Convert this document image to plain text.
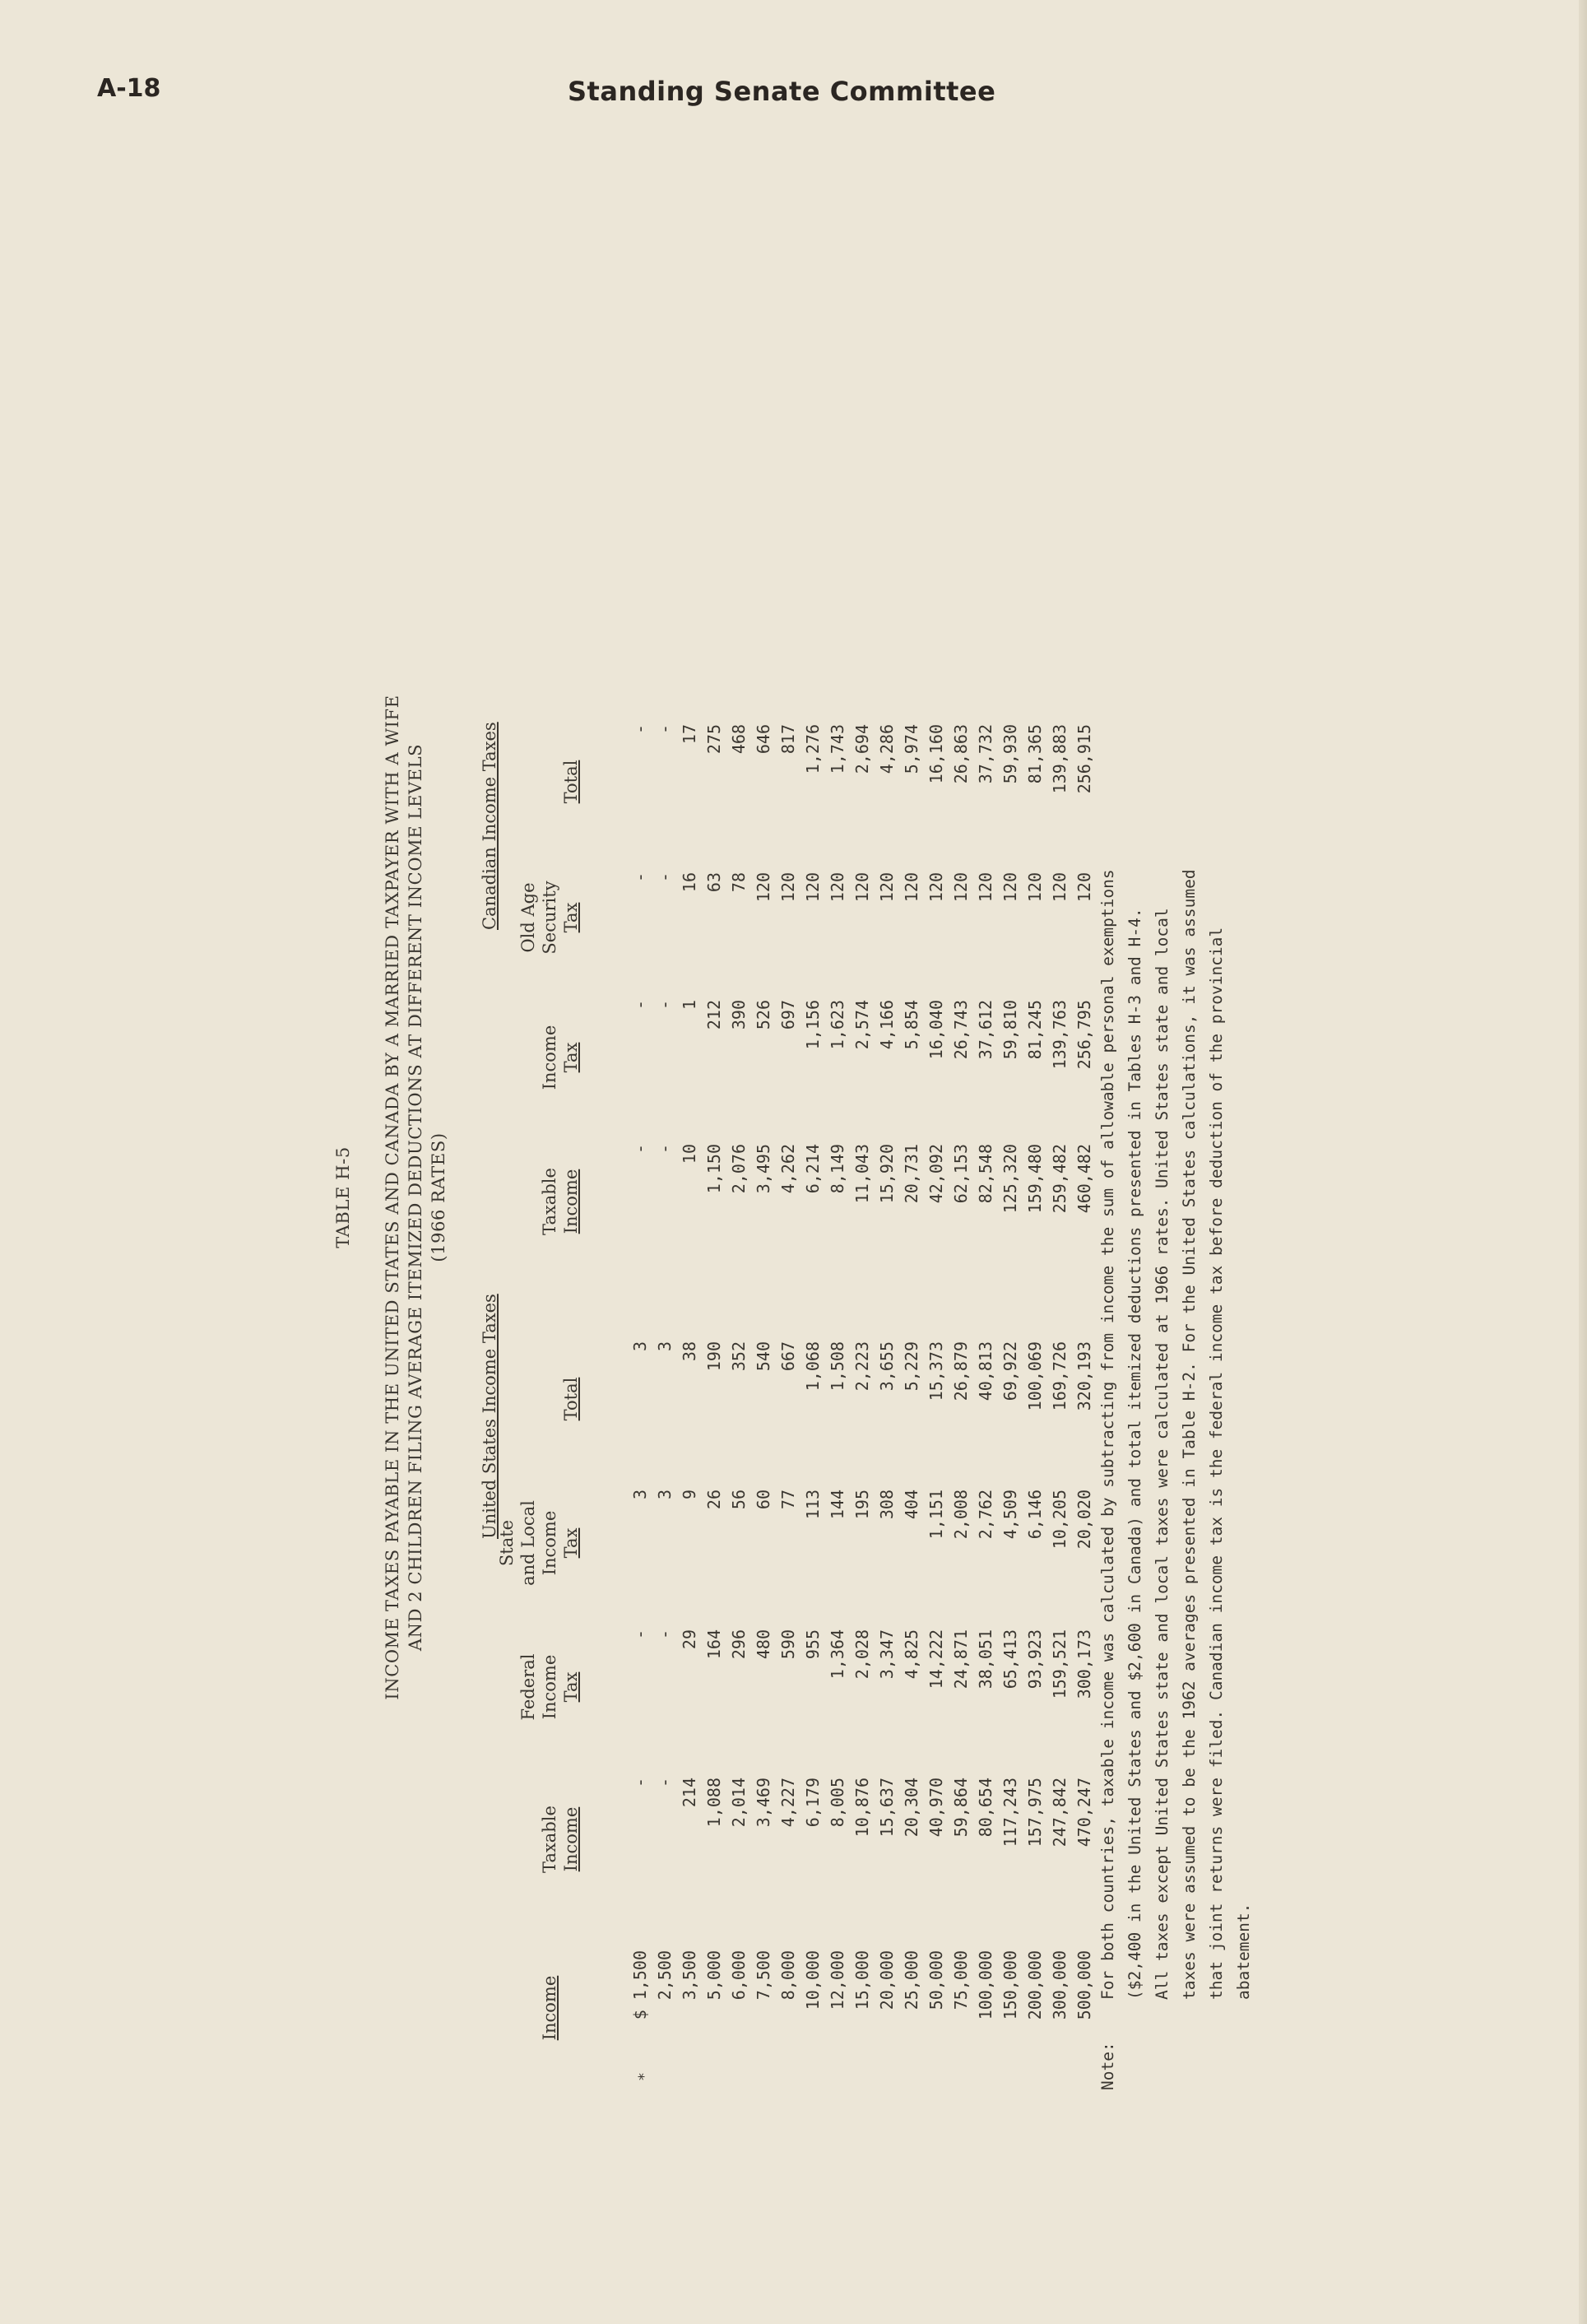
A-18	Standing Senate Committee
TABLE H-5 INCOME TAXES PAYABLE IN THE UNITED STATES AND CANADA BY A MARRIED TAXPAYER WITH A WIFE AND 2 CHILDREN FILING AVERAGE ITEMIZED DEDUCTIONS AT DIFFERENT INCOME LEVELS (1966 RATES)
United States Income Taxes
Canadian Income Taxes
Income
Taxable Income
Federal Income Tax
State and Local Income Tax
Total
Taxable Income
Income Tax
Old Age Security Tax
Total
$ 1,500 2,500 3,500 5,000 6,000 7,500 8,000 10,000 12,000 15,000 20,000 25,000 50,000 75,000 100,000 150,000 200,000 300,000 500,000
- - 214 1,088 2,014 3,469 4,227 6,179 8,005 10,876 15,637 20,304 40,970 59,864 80,654 117,243 157,975 247,842 470,247
- - 29 164 296 480 590 955 1,364 2,028 3,347 4,825 14,222 24,871 38,051 65,413 93,923 159,521 300,173
3 3 9 26 56 60 77 113 144 195 308 404 1,151 2,008 2,762 4,509 6,146 10,205 20,020
3 3 38 190 352 540 667 1,068 1,508 2,223 3,655 5,229 15,373 26,879 40,813 69,922 100,069 169,726 320,193
- - 10 1,150 2,076 3,495 4,262 6,214 8,149 11,043 15,920 20,731 42,092 62,153 82,548 125,320 159,480 259,482 460,482
- - 1 212 390 526 697 1,156 1,623 2,574 4,166 5,854 16,040 26,743 37,612 59,810 81,245 139,763 256,795
- - 16 63 78 120 120 120 120 120 120 120 120 120 120 120 120 120 120
- - 17 275 468 646 817 1,276 1,743 2,694 4,286 5,974 16,160 26,863 37,732 59,930 81,365 139,883 256,915
⁎
For both countries, taxable income was calculated by subtracting from income the sum of allowable personal exemptions ($2,400 in the United States and $2,600 in Canada) and total itemized deductions presented in Tables H-3 and H-4. All taxes except United States state and local taxes were calculated at 1966 rates. United States state and local taxes were assumed to be the 1962 averages presented in Table H-2. For the United States calculations, it was assumed that joint returns were filed. Canadian income tax is the federal income tax before deduction of the provincial abatement.
Note:
